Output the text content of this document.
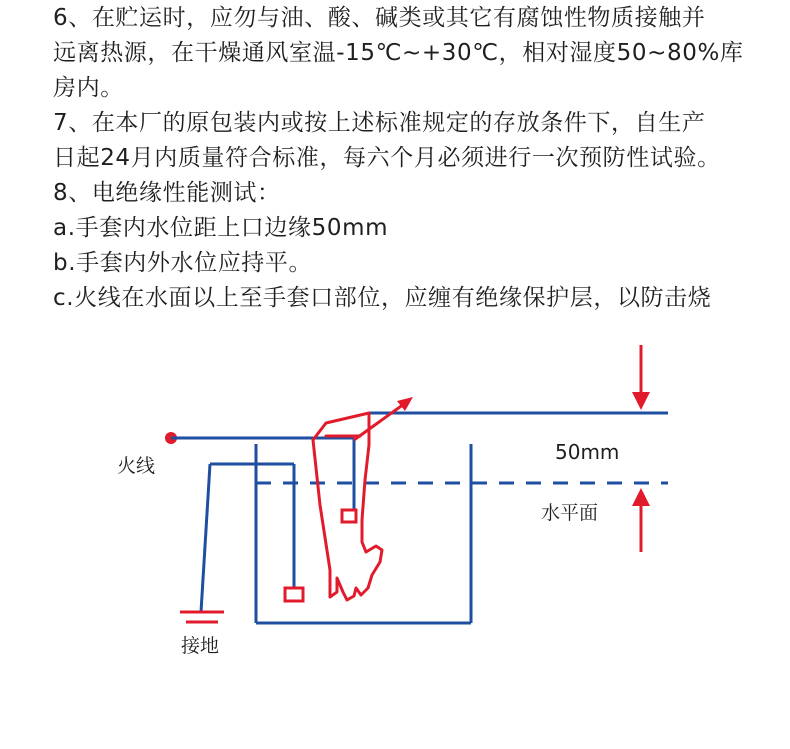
6、在贮运时，应勿与油、酸、碱类或其它有腐蚀性物质接触并
远离热源，在干燥通风室温-15℃~+30℃，相对湿度50~80%库
房内。
7、在本厂的原包装内或按上述标准规定的存放条件下，自生产
日起24月内质量符合标准，每六个月必须进行一次预防性试验。
8、电绝缘性能测试：
a.手套内水位距上口边缘50mm
b.手套内外水位应持平。
c.火线在水面以上至手套口部位，应缠有绝缘保护层，以防击烧
火线
接地
50mm
水平面
